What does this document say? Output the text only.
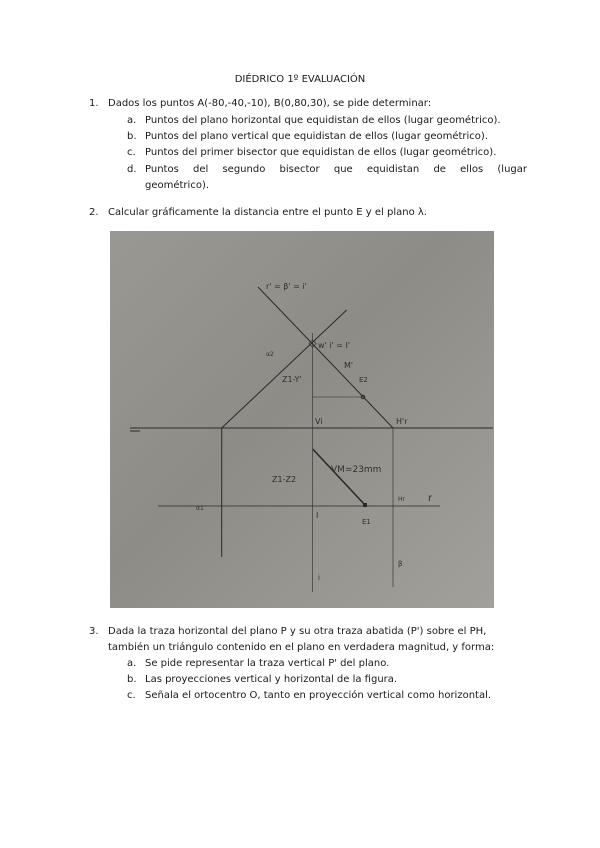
DIÉDRICO 1º EVALUACIÓN
1. Dados los puntos A(-80,-40,-10), B(0,80,30), se pide determinar:
a. Puntos del plano horizontal que equidistan de ellos (lugar geométrico).
b. Puntos del plano vertical que equidistan de ellos (lugar geométrico).
c. Puntos del primer bisector que equidistan de ellos (lugar geométrico).
d. Puntos del segundo bisector que equidistan de ellos (lugar
geométrico).
2. Calcular gráficamente la distancia entre el punto E y el plano λ.
r' = β' = i'
α2
w' i' = I'
M'
E2
Z1-Y'
Vi	H'r
VM=23mm
Z1-Z2
α1
I
E1
Hr r
β
i
3. Dada la traza horizontal del plano P y su otra traza abatida (P') sobre el PH,
también un triángulo contenido en el plano en verdadera magnitud, y forma:
a. Se pide representar la traza vertical P' del plano.
b. Las proyecciones vertical y horizontal de la figura.
c. Señala el ortocentro O, tanto en proyección vertical como horizontal.
